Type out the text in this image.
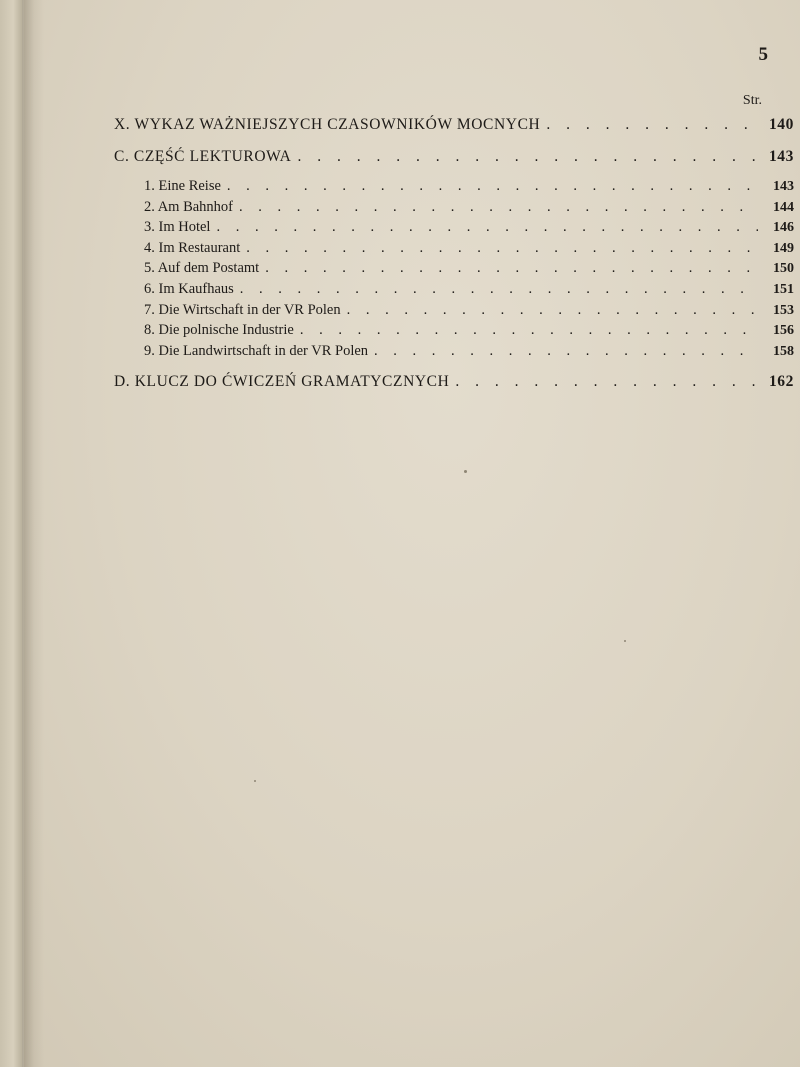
5
Str.
X. WYKAZ WAŻNIEJSZYCH CZASOWNIKÓW MOCNYCH . . .	140
C. CZĘŚĆ LEKTUROWA . . .	143
1. Eine Reise . . .	143
2. Am Bahnhof . . .	144
3. Im Hotel . . .	146
4. Im Restaurant . . .	149
5. Auf dem Postamt . . .	150
6. Im Kaufhaus . . .	151
7. Die Wirtschaft in der VR Polen . . .	153
8. Die polnische Industrie . . .	156
9. Die Landwirtschaft in der VR Polen . . .	158
D. KLUCZ DO ĆWICZEŃ GRAMATYCZNYCH . . .	162
